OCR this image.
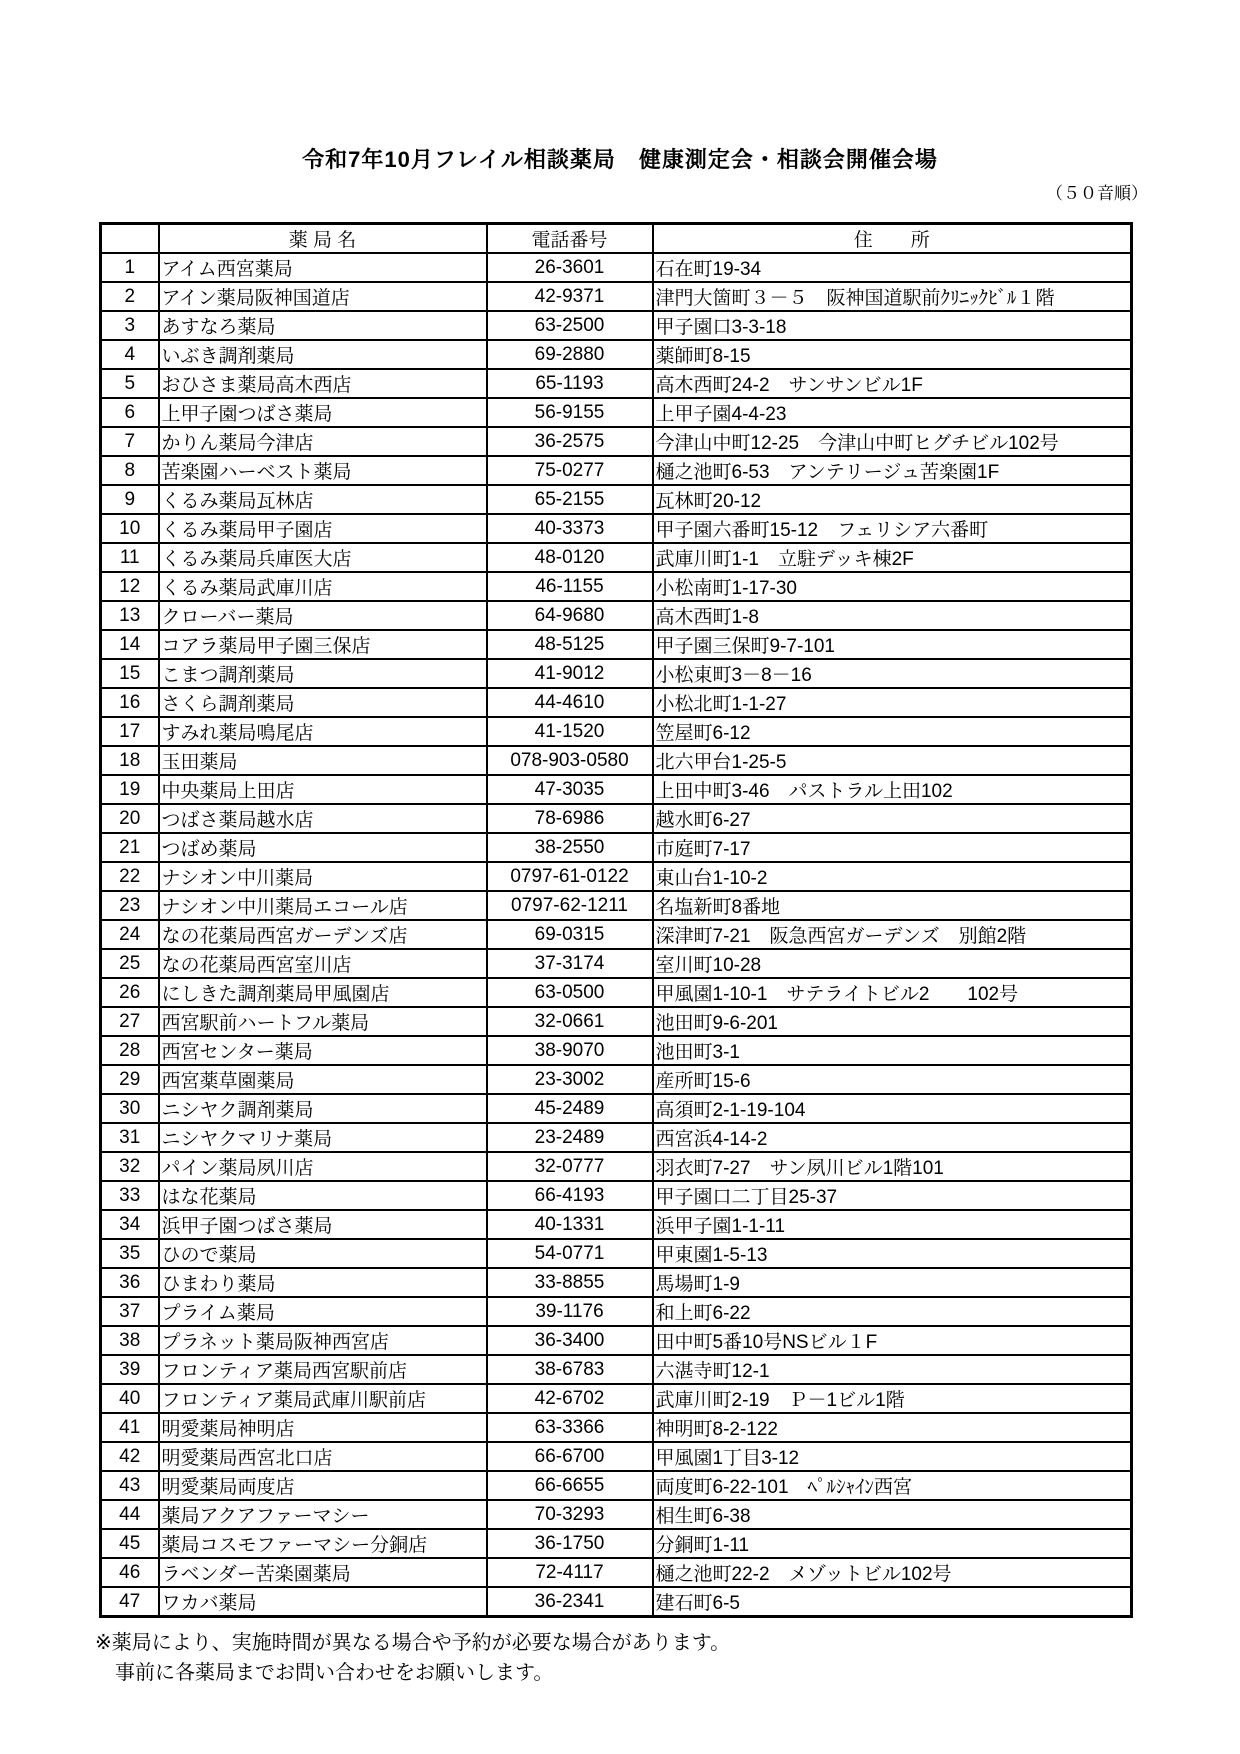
令和7年10月フレイル相談薬局　健康測定会・相談会開催会場
（５０音順）
	薬 局 名	電話番号	住　　所
1	アイム西宮薬局	26-3601	石在町19-34
2	アイン薬局阪神国道店	42-9371	津門大箇町３－５　阪神国道駅前ｸﾘﾆｯｸﾋﾞﾙ１階
3	あすなろ薬局	63-2500	甲子園口3-3-18
4	いぶき調剤薬局	69-2880	薬師町8-15
5	おひさま薬局高木西店	65-1193	高木西町24-2　サンサンビル1F
6	上甲子園つばさ薬局	56-9155	上甲子園4-4-23
7	かりん薬局今津店	36-2575	今津山中町12-25　今津山中町ヒグチビル102号
8	苦楽園ハーベスト薬局	75-0277	樋之池町6-53　アンテリージュ苦楽園1F
9	くるみ薬局瓦林店	65-2155	瓦林町20-12
10	くるみ薬局甲子園店	40-3373	甲子園六番町15-12　フェリシア六番町
11	くるみ薬局兵庫医大店	48-0120	武庫川町1-1　立駐デッキ棟2F
12	くるみ薬局武庫川店	46-1155	小松南町1-17-30
13	クローバー薬局	64-9680	高木西町1-8
14	コアラ薬局甲子園三保店	48-5125	甲子園三保町9-7-101
15	こまつ調剤薬局	41-9012	小松東町3－8－16
16	さくら調剤薬局	44-4610	小松北町1-1-27
17	すみれ薬局鳴尾店	41-1520	笠屋町6-12
18	玉田薬局	078-903-0580	北六甲台1-25-5
19	中央薬局上田店	47-3035	上田中町3-46　パストラル上田102
20	つばさ薬局越水店	78-6986	越水町6-27
21	つばめ薬局	38-2550	市庭町7-17
22	ナシオン中川薬局	0797-61-0122	東山台1-10-2
23	ナシオン中川薬局エコール店	0797-62-1211	名塩新町8番地
24	なの花薬局西宮ガーデンズ店	69-0315	深津町7-21　阪急西宮ガーデンズ　別館2階
25	なの花薬局西宮室川店	37-3174	室川町10-28
26	にしきた調剤薬局甲風園店	63-0500	甲風園1-10-1　サテライトビル2　　102号
27	西宮駅前ハートフル薬局	32-0661	池田町9-6-201
28	西宮センター薬局	38-9070	池田町3-1
29	西宮薬草園薬局	23-3002	産所町15-6
30	ニシヤク調剤薬局	45-2489	高須町2-1-19-104
31	ニシヤクマリナ薬局	23-2489	西宮浜4-14-2
32	パイン薬局夙川店	32-0777	羽衣町7-27　サン夙川ビル1階101
33	はな花薬局	66-4193	甲子園口二丁目25-37
34	浜甲子園つばさ薬局	40-1331	浜甲子園1-1-11
35	ひので薬局	54-0771	甲東園1-5-13
36	ひまわり薬局	33-8855	馬場町1-9
37	プライム薬局	39-1176	和上町6-22
38	プラネット薬局阪神西宮店	36-3400	田中町5番10号NSビル１F
39	フロンティア薬局西宮駅前店	38-6783	六湛寺町12-1
40	フロンティア薬局武庫川駅前店	42-6702	武庫川町2-19　Ｐ－1ビル1階
41	明愛薬局神明店	63-3366	神明町8-2-122
42	明愛薬局西宮北口店	66-6700	甲風園1丁目3-12
43	明愛薬局両度店	66-6655	両度町6-22-101　ﾍﾟﾙｼｬｲﾝ西宮
44	薬局アクアファーマシー	70-3293	相生町6-38
45	薬局コスモファーマシー分銅店	36-1750	分銅町1-11
46	ラベンダー苦楽園薬局	72-4117	樋之池町22-2　メゾットビル102号
47	ワカバ薬局	36-2341	建石町6-5
※薬局により、実施時間が異なる場合や予約が必要な場合があります。
事前に各薬局までお問い合わせをお願いします。
